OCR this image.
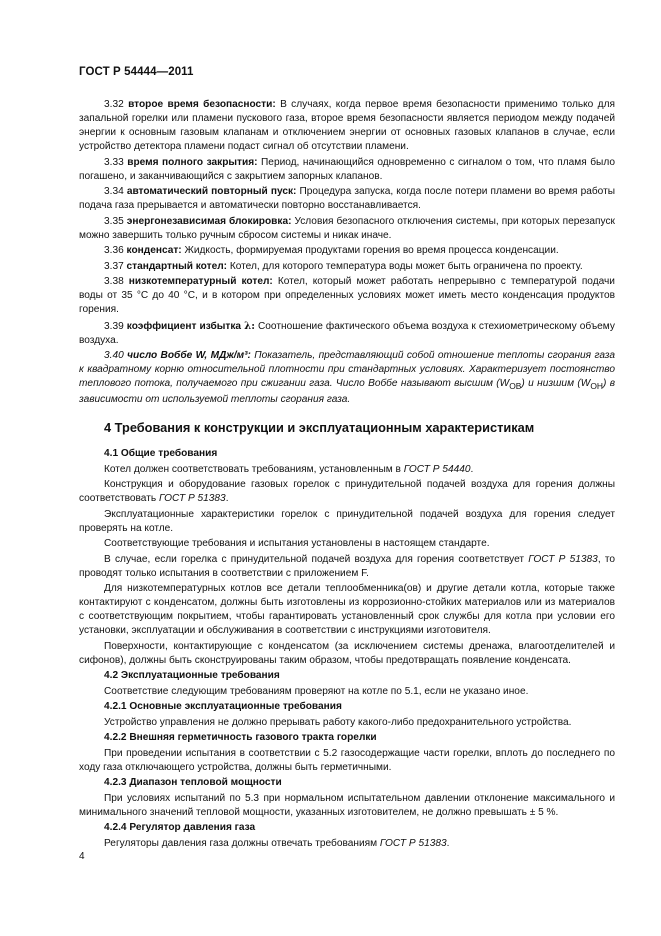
ГОСТ Р 54444—2011

3.32 второе время безопасности: В случаях, когда первое время безопасности применимо только для запальной горелки или пламени пускового газа, второе время безопасности является периодом между подачей энергии к основным газовым клапанам и отключением энергии от основных газовых клапанов в случае, если устройство детектора пламени подаст сигнал об отсутствии пламени.

3.33 время полного закрытия: Период, начинающийся одновременно с сигналом о том, что пламя было погашено, и заканчивающийся с закрытием запорных клапанов.

3.34 автоматический повторный пуск: Процедура запуска, когда после потери пламени во время работы подача газа прерывается и автоматически повторно восстанавливается.

3.35 энергонезависимая блокировка: Условия безопасного отключения системы, при которых перезапуск можно завершить только ручным сбросом системы и никак иначе.

3.36 конденсат: Жидкость, формируемая продуктами горения во время процесса конденсации.

3.37 стандартный котел: Котел, для которого температура воды может быть ограничена по проекту.

3.38 низкотемпературный котел: Котел, который может работать непрерывно с температурой подачи воды от 35 °С до 40 °С, и в котором при определенных условиях может иметь место конденсация продуктов горения.

3.39 коэффициент избытка λ: Соотношение фактического объема воздуха к стехиометрическому объему воздуха.

3.40 число Воббе W, МДж/м³: Показатель, представляющий собой отношение теплоты сгорания газа к квадратному корню относительной плотности при стандартных условиях. Характеризует постоянство теплового потока, получаемого при сжигании газа. Число Воббе называют высшим $(W_{ОВ})$ и низшим $(W_{ОН})$ в зависимости от используемой теплоты сгорания газа.

4 Требования к конструкции и эксплуатационным характеристикам

4.1 Общие требования

Котел должен соответствовать требованиям, установленным в ГОСТ Р 54440.

Конструкция и оборудование газовых горелок с принудительной подачей воздуха для горения должны соответствовать ГОСТ Р 51383.

Эксплуатационные характеристики горелок с принудительной подачей воздуха для горения следует проверять на котле.

Соответствующие требования и испытания установлены в настоящем стандарте.

В случае, если горелка с принудительной подачей воздуха для горения соответствует ГОСТ Р 51383, то проводят только испытания в соответствии с приложением F.

Для низкотемпературных котлов все детали теплообменника(ов) и другие детали котла, которые также контактируют с конденсатом, должны быть изготовлены из коррозионно-стойких материалов или из материалов с соответствующим покрытием, чтобы гарантировать установленный срок службы для котла при условии его установки, эксплуатации и обслуживания в соответствии с инструкциями изготовителя.

Поверхности, контактирующие с конденсатом (за исключением системы дренажа, влагоотделителей и сифонов), должны быть сконструированы таким образом, чтобы предотвращать появление конденсата.

4.2 Эксплуатационные требования

Соответствие следующим требованиям проверяют на котле по 5.1, если не указано иное.

4.2.1 Основные эксплуатационные требования

Устройство управления не должно прерывать работу какого-либо предохранительного устройства.

4.2.2 Внешняя герметичность газового тракта горелки

При проведении испытания в соответствии с 5.2 газосодержащие части горелки, вплоть до последнего по ходу газа отключающего устройства, должны быть герметичными.

4.2.3 Диапазон тепловой мощности

При условиях испытаний по 5.3 при нормальном испытательном давлении отклонение максимального и минимального значений тепловой мощности, указанных изготовителем, не должно превышать ± 5 %.

4.2.4 Регулятор давления газа

Регуляторы давления газа должны отвечать требованиям ГОСТ Р 51383.

4
